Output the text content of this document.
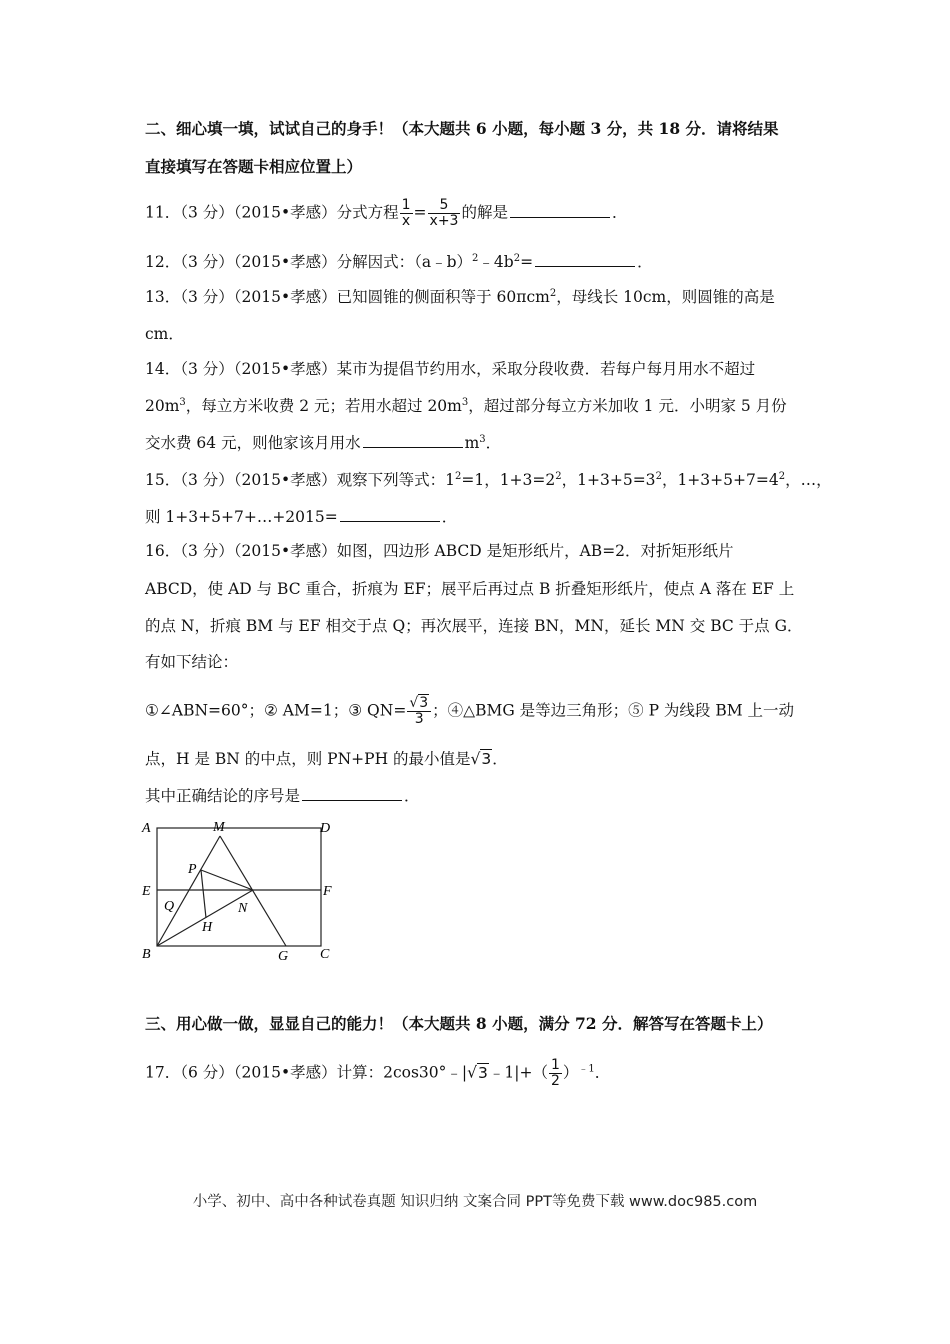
二、细心填一填，试试自己的身手！（本大题共 6 小题，每小题 3 分，共 18 分．请将结果
直接填写在答题卡相应位置上）
11．（3 分）（2015•孝感）分式方程 $\frac{1}{x} = \frac{5}{x+3}$ 的解是	．
12．（3 分）（2015•孝感）分解因式：$(a﹣b)^2﹣4b^2=$	．
13．（3 分）（2015•孝感）已知圆锥的侧面积等于 60πcm$^2$，母线长 10cm，则圆锥的高是
cm．
14．（3 分）（2015•孝感）某市为提倡节约用水，采取分段收费．若每户每月用水不超过
$20m^3$，每立方米收费 2 元；若用水超过 $20m^3$，超过部分每立方米加收 1 元．小明家 5 月份
交水费 64 元，则他家该月用水	$m^3$．
15．（3 分）（2015•孝感）观察下列等式：$1^2=1$，$1+3=2^2$，$1+3+5=3^2$，$1+3+5+7=4^2$，…，
则 1+3+5+7+…+2015=	．
16．（3 分）（2015•孝感）如图，四边形 ABCD 是矩形纸片，AB=2．对折矩形纸片
ABCD，使 AD 与 BC 重合，折痕为 EF；展平后再过点 B 折叠矩形纸片，使点 A 落在 EF 上
的点 N，折痕 BM 与 EF 相交于点 Q；再次展平，连接 BN，MN，延长 MN 交 BC 于点 G．
有如下结论：
①∠ABN=60°；② AM=1；③ $QN= \frac{√3}{3}$ ；④△BMG 是等边三角形；⑤ P 为线段 BM 上一动
点，H 是 BN 的中点，则 PN+PH 的最小值是√3．
其中正确结论的序号是	．
A	M	D
P
E	F
Q	N
H
B	G C
三、用心做一做，显显自己的能力！（本大题共 8 小题，满分 72 分．解答写在答题卡上）
17．（6 分）（2015•孝感）计算：2cos30°﹣|√3﹣1|+（ $\frac{1}{2} )^{﹣1}$．
小学、初中、高中各种试卷真题 知识归纳 文案合同 PPT等免费下载 www.doc985.com
